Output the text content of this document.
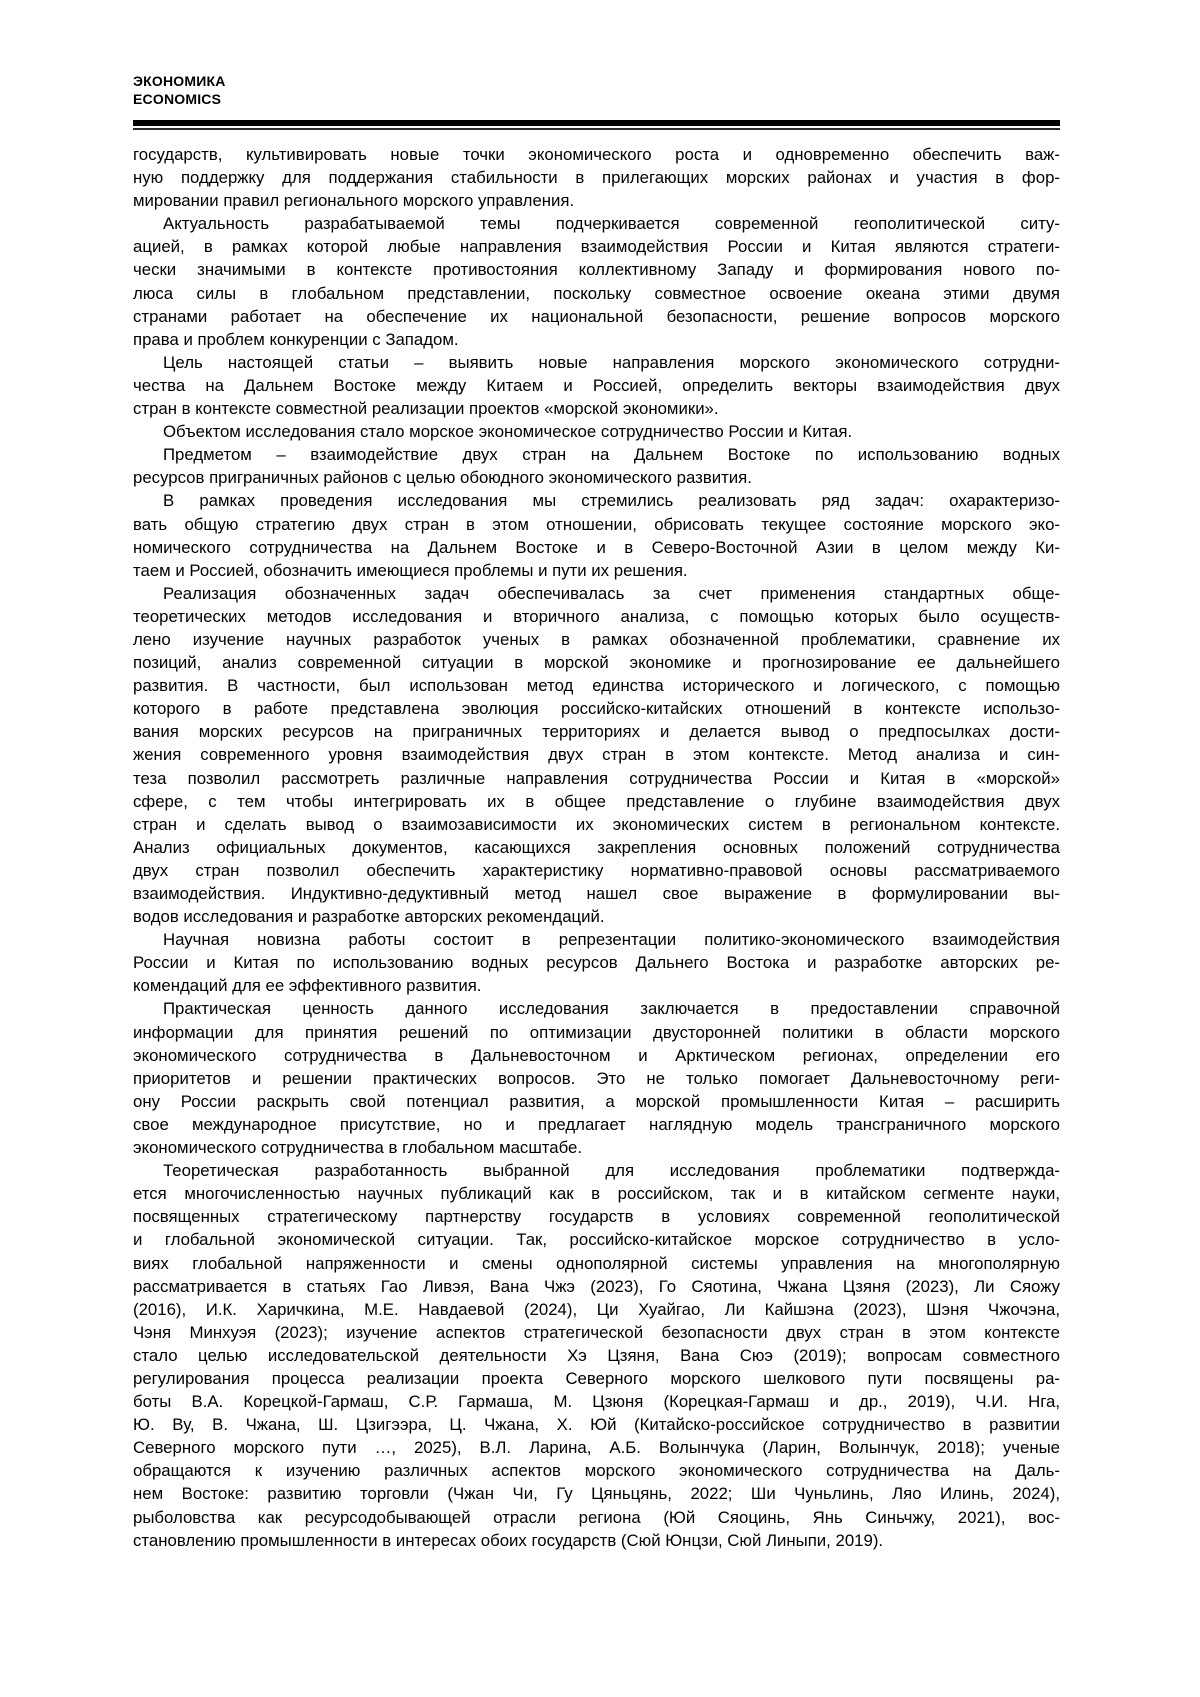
ЭКОНОМИКА
ECONOMICS
государств, культивировать новые точки экономического роста и одновременно обеспечить важ-
ную поддержку для поддержания стабильности в прилегающих морских районах и участия в фор-
мировании правил регионального морского управления.
Актуальность разрабатываемой темы подчеркивается современной геополитической ситу-
ацией, в рамках которой любые направления взаимодействия России и Китая являются стратеги-
чески значимыми в контексте противостояния коллективному Западу и формирования нового по-
люса силы в глобальном представлении, поскольку совместное освоение океана этими двумя
странами работает на обеспечение их национальной безопасности, решение вопросов морского
права и проблем конкуренции с Западом.
Цель настоящей статьи – выявить новые направления морского экономического сотрудни-
чества на Дальнем Востоке между Китаем и Россией, определить векторы взаимодействия двух
стран в контексте совместной реализации проектов «морской экономики».
Объектом исследования стало морское экономическое сотрудничество России и Китая.
Предметом – взаимодействие двух стран на Дальнем Востоке по использованию водных
ресурсов приграничных районов с целью обоюдного экономического развития.
В рамках проведения исследования мы стремились реализовать ряд задач: охарактеризо-
вать общую стратегию двух стран в этом отношении, обрисовать текущее состояние морского эко-
номического сотрудничества на Дальнем Востоке и в Северо-Восточной Азии в целом между Ки-
таем и Россией, обозначить имеющиеся проблемы и пути их решения.
Реализация обозначенных задач обеспечивалась за счет применения стандартных обще-
теоретических методов исследования и вторичного анализа, с помощью которых было осуществ-
лено изучение научных разработок ученых в рамках обозначенной проблематики, сравнение их
позиций, анализ современной ситуации в морской экономике и прогнозирование ее дальнейшего
развития. В частности, был использован метод единства исторического и логического, с помощью
которого в работе представлена эволюция российско-китайских отношений в контексте использо-
вания морских ресурсов на приграничных территориях и делается вывод о предпосылках дости-
жения современного уровня взаимодействия двух стран в этом контексте. Метод анализа и син-
теза позволил рассмотреть различные направления сотрудничества России и Китая в «морской»
сфере, с тем чтобы интегрировать их в общее представление о глубине взаимодействия двух
стран и сделать вывод о взаимозависимости их экономических систем в региональном контексте.
Анализ официальных документов, касающихся закрепления основных положений сотрудничества
двух стран позволил обеспечить характеристику нормативно-правовой основы рассматриваемого
взаимодействия. Индуктивно-дедуктивный метод нашел свое выражение в формулировании вы-
водов исследования и разработке авторских рекомендаций.
Научная новизна работы состоит в репрезентации политико-экономического взаимодействия
России и Китая по использованию водных ресурсов Дальнего Востока и разработке авторских ре-
комендаций для ее эффективного развития.
Практическая ценность данного исследования заключается в предоставлении справочной
информации для принятия решений по оптимизации двусторонней политики в области морского
экономического сотрудничества в Дальневосточном и Арктическом регионах, определении его
приоритетов и решении практических вопросов. Это не только помогает Дальневосточному реги-
ону России раскрыть свой потенциал развития, а морской промышленности Китая – расширить
свое международное присутствие, но и предлагает наглядную модель трансграничного морского
экономического сотрудничества в глобальном масштабе.
Теоретическая разработанность выбранной для исследования проблематики подтвержда-
ется многочисленностью научных публикаций как в российском, так и в китайском сегменте науки,
посвященных стратегическому партнерству государств в условиях современной геополитической
и глобальной экономической ситуации. Так, российско-китайское морское сотрудничество в усло-
виях глобальной напряженности и смены однополярной системы управления на многополярную
рассматривается в статьях Гао Ливэя, Вана Чжэ (2023), Го Сяотина, Чжана Цзяня (2023), Ли Сяожу
(2016), И.К. Харичкина, М.Е. Навдаевой (2024), Ци Хуайгао, Ли Кайшэна (2023), Шэня Чжочэна,
Чэня Минхуэя (2023); изучение аспектов стратегической безопасности двух стран в этом контексте
стало целью исследовательской деятельности Хэ Цзяня, Вана Сюэ (2019); вопросам совместного
регулирования процесса реализации проекта Северного морского шелкового пути посвящены ра-
боты В.А. Корецкой-Гармаш, С.Р. Гармаша, М. Цзюня (Корецкая-Гармаш и др., 2019), Ч.И. Нга,
Ю. Ву, В. Чжана, Ш. Цзигээра, Ц. Чжана, Х. Юй (Китайско-российское сотрудничество в развитии
Северного морского пути …, 2025), В.Л. Ларина, А.Б. Волынчука (Ларин, Волынчук, 2018); ученые
обращаются к изучению различных аспектов морского экономического сотрудничества на Даль-
нем Востоке: развитию торговли (Чжан Чи, Гу Цяньцянь, 2022; Ши Чуньлинь, Ляо Илинь, 2024),
рыболовства как ресурсодобывающей отрасли региона (Юй Сяоцинь, Янь Синьчжу, 2021), вос-
становлению промышленности в интересах обоих государств (Сюй Юнцзи, Сюй Линыпи, 2019).
